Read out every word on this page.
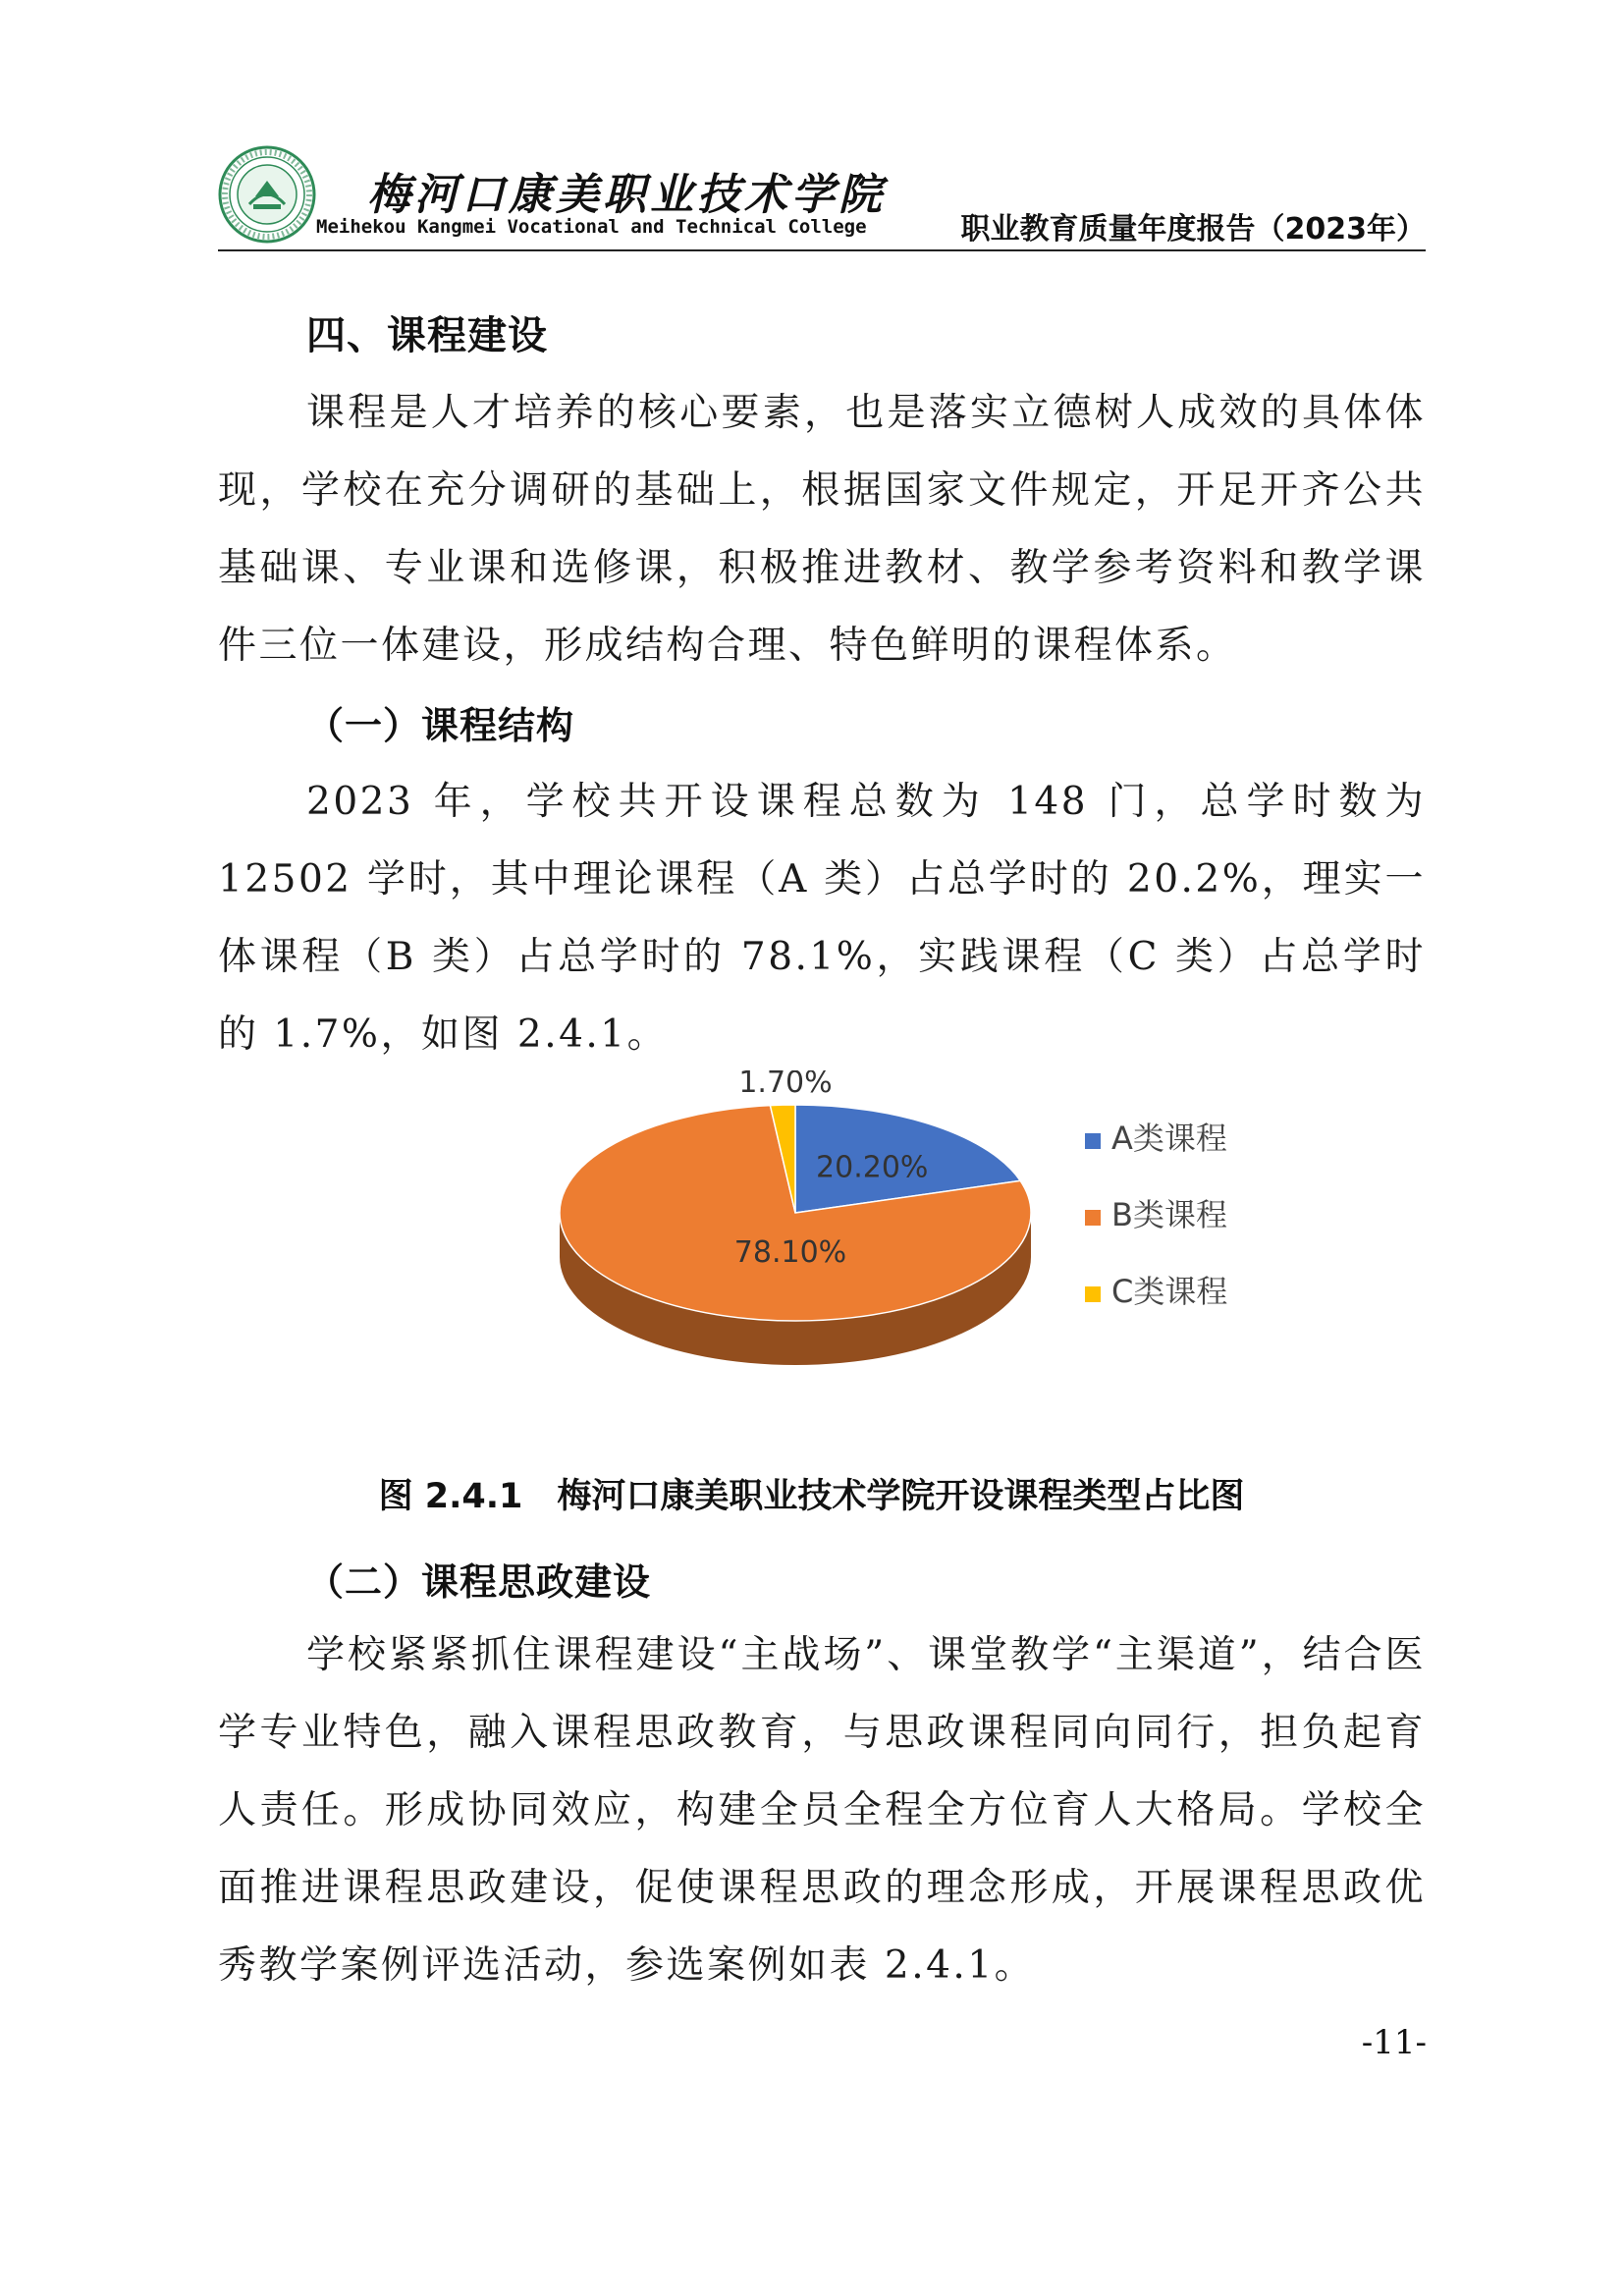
梅河口康美职业技术学院
Meihekou Kangmei Vocational and Technical College	职业教育质量年度报告（2023年）
四、课程建设

课程是人才培养的核心要素，也是落实立德树人成效的具体体现，学校在充分调研的基础上，根据国家文件规定，开足开齐公共基础课、专业课和选修课，积极推进教材、教学参考资料和教学课件三位一体建设，形成结构合理、特色鲜明的课程体系。

（一）课程结构

2023 年，学校共开设课程总数为 148 门，总学时数为 12502 学时，其中理论课程（A 类）占总学时的 20.2%，理实一体课程（B 类）占总学时的 78.1%，实践课程（C 类）占总学时的 1.7%，如图 2.4.1。

20.20%
78.10%
1.70%
A类课程
B类课程
C类课程
图 2.4.1　梅河口康美职业技术学院开设课程类型占比图
（二）课程思政建设

学校紧紧抓住课程建设“主战场”、课堂教学“主渠道”，结合医学专业特色，融入课程思政教育，与思政课程同向同行，担负起育人责任。形成协同效应，构建全员全程全方位育人大格局。学校全面推进课程思政建设，促使课程思政的理念形成，开展课程思政优秀教学案例评选活动，参选案例如表 2.4.1。

-11-
